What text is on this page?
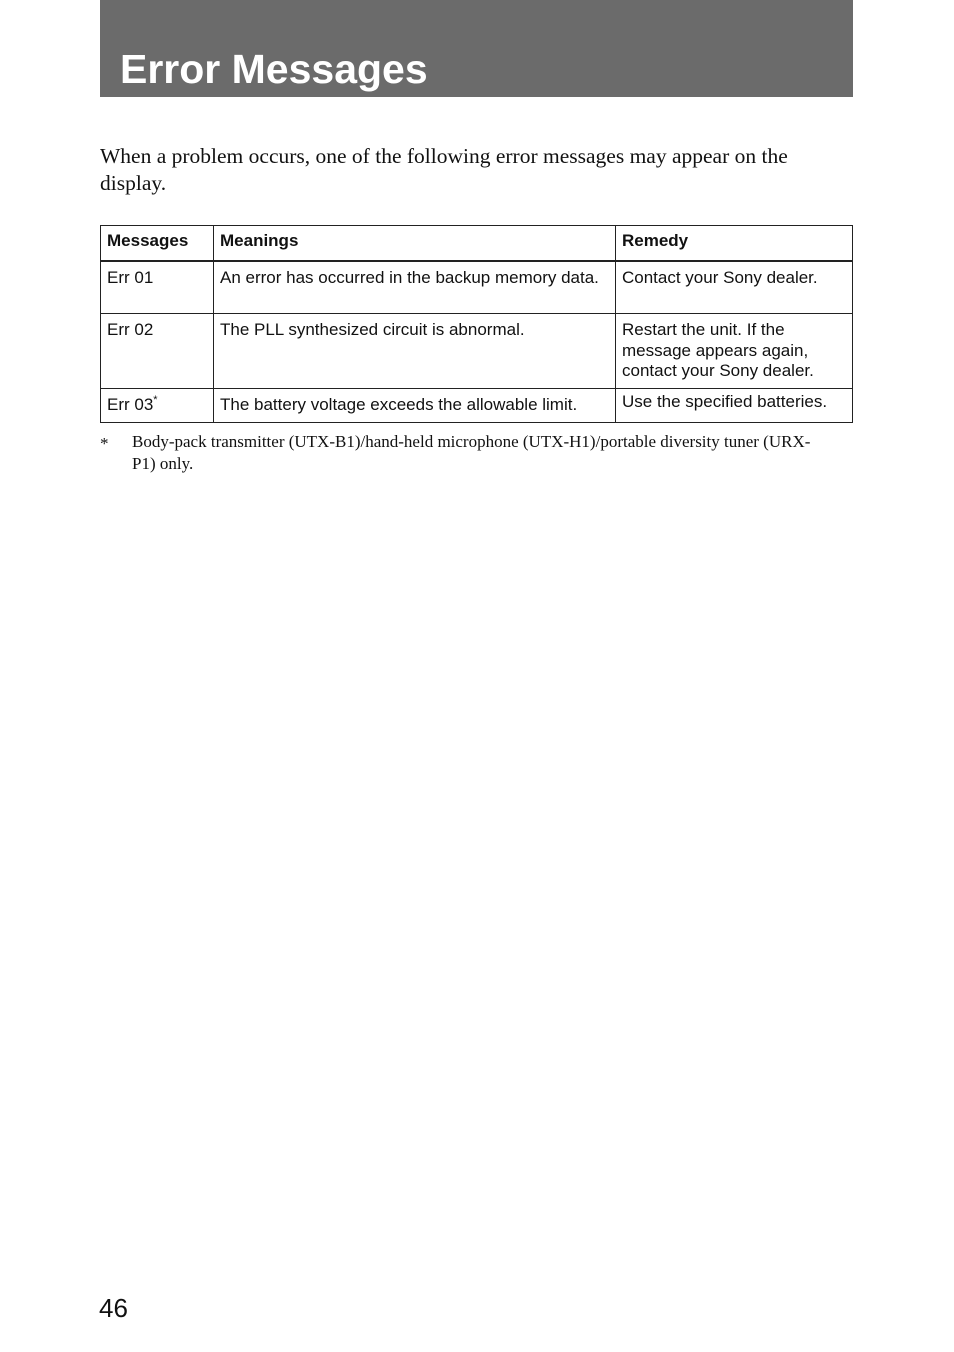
Error Messages

When a problem occurs, one of the following error messages may appear on the display.

Messages	Meanings	Remedy
Err 01	An error has occurred in the backup memory data.	Contact your Sony dealer.
Err 02	The PLL synthesized circuit is abnormal.	Restart the unit. If the message appears again, contact your Sony dealer.
Err 03*	The battery voltage exceeds the allowable limit.	Use the specified batteries.
* Body-pack transmitter (UTX-B1)/hand-held microphone (UTX-H1)/portable diversity tuner (URX-P1) only.
46
